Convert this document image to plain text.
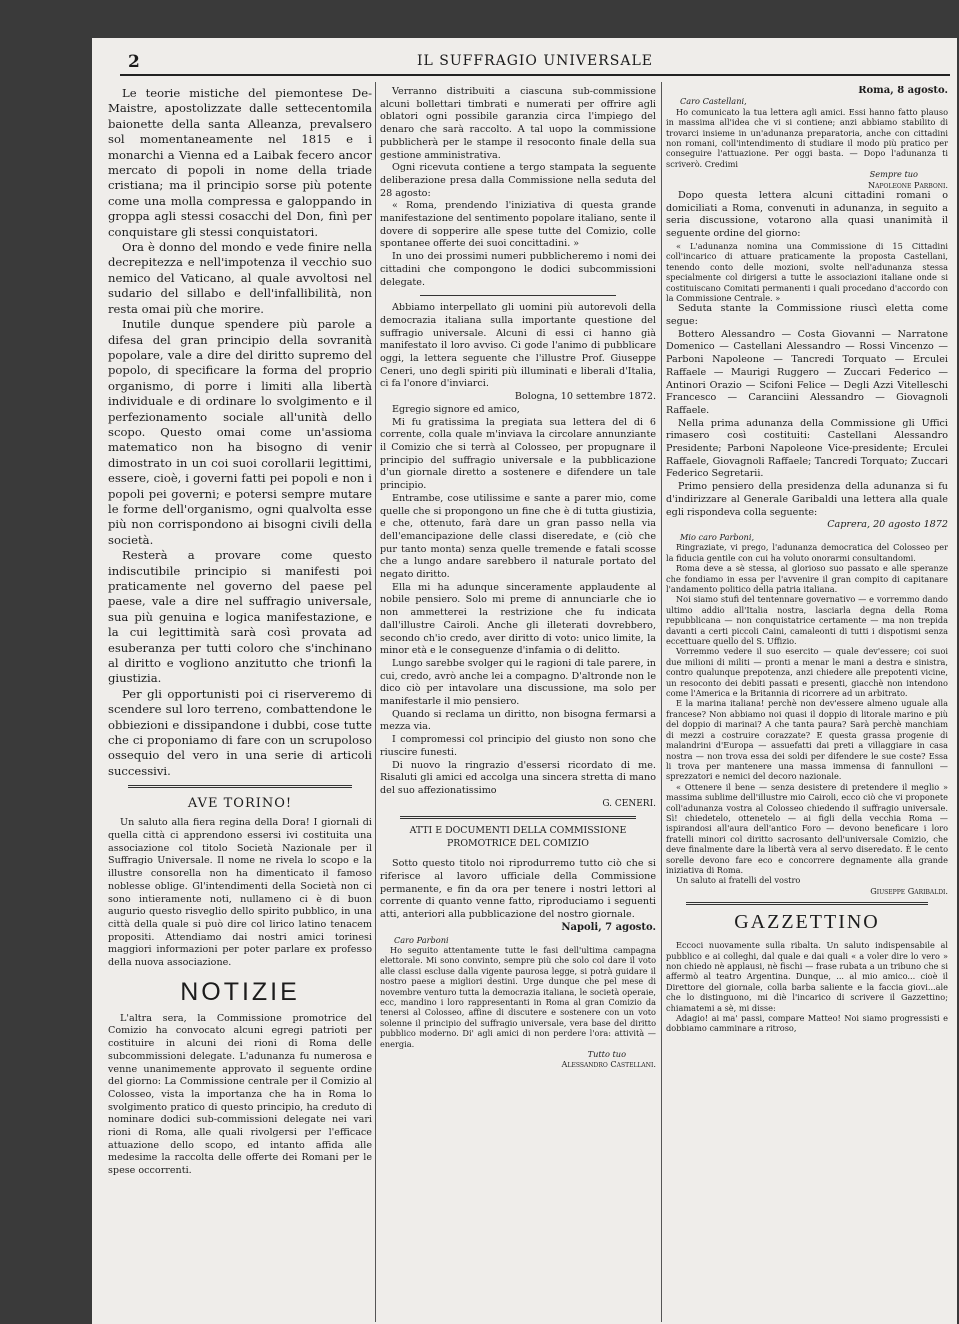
2	IL SUFFRAGIO UNIVERSALE

Le teorie mistiche del piemontese De-Maistre, apostolizzate dalle settecentomila baionette della santa Alleanza, prevalsero sol momentaneamente nel 1815 e i monarchi a Vienna ed a Laibak fecero ancor mercato di popoli in nome della triade cristiana; ma il principio sorse più potente come una molla compressa e galoppando in groppa agli stessi cosacchi del Don, finì per conquistare gli stessi conquistatori.

Ora è donno del mondo e vede finire nella decrepitezza e nell'impotenza il vecchio suo nemico del Vaticano, al quale avvoltosi nel sudario del sillabo e dell'infallibilità, non resta omai più che morire.

Inutile dunque spendere più parole a difesa del gran principio della sovranità popolare, vale a dire del diritto supremo del popolo, di specificare la forma del proprio organismo, di porre i limiti alla libertà individuale e di ordinare lo svolgimento e il perfezionamento sociale all'unità dello scopo. Questo omai come un'assioma matematico non ha bisogno di venir dimostrato in un coi suoi corollarii legittimi, essere, cioè, i governi fatti pei popoli e non i popoli pei governi; e potersi sempre mutare le forme dell'organismo, ogni qualvolta esse più non corrispondono ai bisogni civili della società.

Resterà a provare come questo indiscutibile principio si manifesti poi praticamente nel governo del paese pel paese, vale a dire nel suffragio universale, sua più genuina e logica manifestazione, e la cui legittimità sarà così provata ad esuberanza per tutti coloro che s'inchinano al diritto e vogliono anzitutto che trionfi la giustizia.

Per gli opportunisti poi ci riserveremo di scendere sul loro terreno, combattendone le obbiezioni e dissipandone i dubbi, cose tutte che ci proponiamo di fare con un scrupoloso ossequio del vero in una serie di articoli successivi.

AVE TORINO!

Un saluto alla fiera regina della Dora! I giornali di quella città ci apprendono essersi ivi costituita una associazione col titolo Società Nazionale per il Suffragio Universale. Il nome ne rivela lo scopo e la illustre consorella non ha dimenticato il famoso noblesse oblige. Gl'intendimenti della Società non ci sono intieramente noti, nullameno ci è di buon augurio questo risveglio dello spirito pubblico, in una città della quale si può dire col lirico latino tenacem propositi. Attendiamo dai nostri amici torinesi maggiori informazioni per poter parlare ex professo della nuova associazione.

NOTIZIE

L'altra sera, la Commissione promotrice del Comizio ha convocato alcuni egregi patrioti per costituire in alcuni dei rioni di Roma delle subcommissioni delegate. L'adunanza fu numerosa e venne unanimemente approvato il seguente ordine del giorno: La Commissione centrale per il Comizio al Colosseo, vista la importanza che ha in Roma lo svolgimento pratico di questo principio, ha creduto di nominare dodici sub-commissioni delegate nei vari rioni di Roma, alle quali rivolgersi per l'efficace attuazione dello scopo, ed intanto affida alle medesime la raccolta delle offerte dei Romani per le spese occorrenti.

Verranno distribuiti a ciascuna sub-commissione alcuni bollettari timbrati e numerati per offrire agli oblatori ogni possibile garanzia circa l'impiego del denaro che sarà raccolto. A tal uopo la commissione pubblicherà per le stampe il resoconto finale della sua gestione amministrativa.

Ogni ricevuta contiene a tergo stampata la seguente deliberazione presa dalla Commissione nella seduta del 28 agosto:

« Roma, prendendo l'iniziativa di questa grande manifestazione del sentimento popolare italiano, sente il dovere di sopperire alle spese tutte del Comizio, colle spontanee offerte dei suoi concittadini. »

In uno dei prossimi numeri pubblicheremo i nomi dei cittadini che compongono le dodici subcommissioni delegate.

Abbiamo interpellato gli uomini più autorevoli della democrazia italiana sulla importante questione del suffragio universale. Alcuni di essi ci hanno già manifestato il loro avviso. Ci gode l'animo di pubblicare oggi, la lettera seguente che l'illustre Prof. Giuseppe Ceneri, uno degli spiriti più illuminati e liberali d'Italia, ci fa l'onore d'inviarci.

Bologna, 10 settembre 1872.

Egregio signore ed amico,

Mi fu gratissima la pregiata sua lettera del di 6 corrente, colla quale m'inviava la circolare annunziante il Comizio che si terrà al Colosseo, per propugnare il principio del suffragio universale e la pubblicazione d'un giornale diretto a sostenere e difendere un tale principio.

Entrambe, cose utilissime e sante a parer mio, come quelle che si propongono un fine che è di tutta giustizia, e che, ottenuto, farà dare un gran passo nella via dell'emancipazione delle classi diseredate, e (ciò che pur tanto monta) senza quelle tremende e fatali scosse che a lungo andare sarebbero il naturale portato del negato diritto.

Ella mi ha adunque sinceramente applaudente al nobile pensiero. Solo mi preme di annunciarle che io non ammetterei la restrizione che fu indicata dall'illustre Cairoli. Anche gli illeterati dovrebbero, secondo ch'io credo, aver diritto di voto: unico limite, la minor età e le conseguenze d'infamia o di delitto.

Lungo sarebbe svolger qui le ragioni di tale parere, in cui, credo, avrò anche lei a compagno. D'altronde non le dico ciò per intavolare una discussione, ma solo per manifestarle il mio pensiero.

Quando si reclama un diritto, non bisogna fermarsi a mezza via.

I compromessi col principio del giusto non sono che riuscire funesti.

Di nuovo la ringrazio d'essersi ricordato di me. Risaluti gli amici ed accolga una sincera stretta di mano del suo affezionatissimo

G. CENERI.
ATTI E DOCUMENTI DELLA COMMISSIONE PROMOTRICE DEL COMIZIO

Sotto questo titolo noi riprodurremo tutto ciò che si riferisce al lavoro ufficiale della Commissione permanente, e fin da ora per tenere i nostri lettori al corrente di quanto venne fatto, riproduciamo i seguenti atti, anteriori alla pubblicazione del nostro giornale.

Napoli, 7 agosto.
Caro Parboni

Ho seguito attentamente tutte le fasi dell'ultima campagna elettorale. Mi sono convinto, sempre più che solo col dare il voto alle classi escluse dalla vigente paurosa legge, si potrà guidare il nostro paese a migliori destini. Urge dunque che pel mese di novembre venturo tutta la democrazia italiana, le società operaie, ecc, mandino i loro rappresentanti in Roma al gran Comizio da tenersi al Colosseo, affine di discutere e sostenere con un voto solenne il principio del suffragio universale, vera base del diritto pubblico moderno. Di' agli amici di non perdere l'ora: attività — energia.

Tutto tuo
Alessandro Castellani.
Roma, 8 agosto.
Caro Castellani,

Ho comunicato la tua lettera agli amici. Essi hanno fatto plauso in massima all'idea che vi si contiene; anzi abbiamo stabilito di trovarci insieme in un'adunanza preparatoria, anche con cittadini non romani, coll'intendimento di studiare il modo più pratico per conseguire l'attuazione. Per oggi basta. — Dopo l'adunanza ti scriverò. Credimi

Sempre tuo
Napoleone Parboni.

Dopo questa lettera alcuni cittadini romani o domiciliati a Roma, convenuti in adunanza, in seguito a seria discussione, votarono alla quasi unanimità il seguente ordine del giorno:

« L'adunanza nomina una Commissione di 15 Cittadini coll'incarico di attuare praticamente la proposta Castellani, tenendo conto delle mozioni, svolte nell'adunanza stessa specialmente col dirigersi a tutte le associazioni italiane onde si costituiscano Comitati permanenti i quali procedano d'accordo con la Commissione Centrale. »

Seduta stante la Commissione riuscì eletta come segue:

Bottero Alessandro — Costa Giovanni — Narratone Domenico — Castellani Alessandro — Rossi Vincenzo — Parboni Napoleone — Tancredi Torquato — Erculei Raffaele — Maurigi Ruggero — Zuccari Federico — Antinori Orazio — Scifoni Felice — Degli Azzi Vitelleschi Francesco — Caranciini Alessandro — Giovagnoli Raffaele.

Nella prima adunanza della Commissione gli Uffici rimasero così costituiti: Castellani Alessandro Presidente; Parboni Napoleone Vice-presidente; Erculei Raffaele, Giovagnoli Raffaele; Tancredi Torquato; Zuccari Federico Segretarii.

Primo pensiero della presidenza della adunanza si fu d'indirizzare al Generale Garibaldi una lettera alla quale egli rispondeva colla seguente:

Caprera, 20 agosto 1872
Mio caro Parboni,

Ringraziate, vi prego, l'adunanza democratica del Colosseo per la fiducia gentile con cui ha voluto onorarmi consultandomi.

Roma deve a sè stessa, al glorioso suo passato e alle speranze che fondiamo in essa per l'avvenire il gran compito di capitanare l'andamento politico della patria italiana.

Noi siamo stufi del tentennare governativo — e vorremmo dando ultimo addio all'Italia nostra, lasciarla degna della Roma repubblicana — non conquistatrice certamente — ma non trepida davanti a certi piccoli Caini, camaleonti di tutti i dispotismi senza eccettuare quello del S. Uffizio.

Vorremmo vedere il suo esercito — quale dev'essere; coi suoi due milioni di militi — pronti a menar le mani a destra e sinistra, contro qualunque prepotenza, anzi chiedere alle prepotenti vicine, un resoconto dei debiti passati e presenti, giacchè non intendono come l'America e la Britannia di ricorrere ad un arbitrato.

E la marina italiana! perchè non dev'essere almeno uguale alla francese? Non abbiamo noi quasi il doppio di litorale marino e più del doppio di marinai? A che tanta paura? Sarà perchè manchiam di mezzi a costruire corazzate? E questa grassa progenie di malandrini d'Europa — assuefatti dai preti a villaggiare in casa nostra — non trova essa dei soldi per difendere le sue coste? Essa li trova per mantenere una massa immensa di fannulloni — sprezzatori e nemici del decoro nazionale.

« Ottenere il bene — senza desistere di pretendere il meglio » massima sublime dell'illustre mio Cairoli, ecco ciò che vi proponete coll'adunanza vostra al Colosseo chiedendo il suffragio universale. Sì! chiedetelo, ottenetelo — ai figli della vecchia Roma — ispirandosi all'aura dell'antico Foro — devono beneficare i loro fratelli minori col diritto sacrosanto dell'universale Comizio, che deve finalmente dare la libertà vera al servo diseredato. È le cento sorelle devono fare eco e concorrere degnamente alla grande iniziativa di Roma.

Un saluto ai fratelli del vostro

Giuseppe Garibaldi.
GAZZETTINO

Eccoci nuovamente sulla ribalta. Un saluto indispensabile al pubblico e ai colleghi, dal quale e dai quali « a voler dire lo vero » non chiedo nè applausi, nè fischi — frase rubata a un tribuno che si affermò al teatro Argentina. Dunque, ... al mio amico... cioè il Direttore del giornale, colla barba saliente e la faccia giovi...ale che lo distinguono, mi diè l'incarico di scrivere il Gazzettino; chiamatemi a sè, mi disse:

Adagio! ai ma' passi, compare Matteo! Noi siamo progressisti e dobbiamo camminare a ritroso,
